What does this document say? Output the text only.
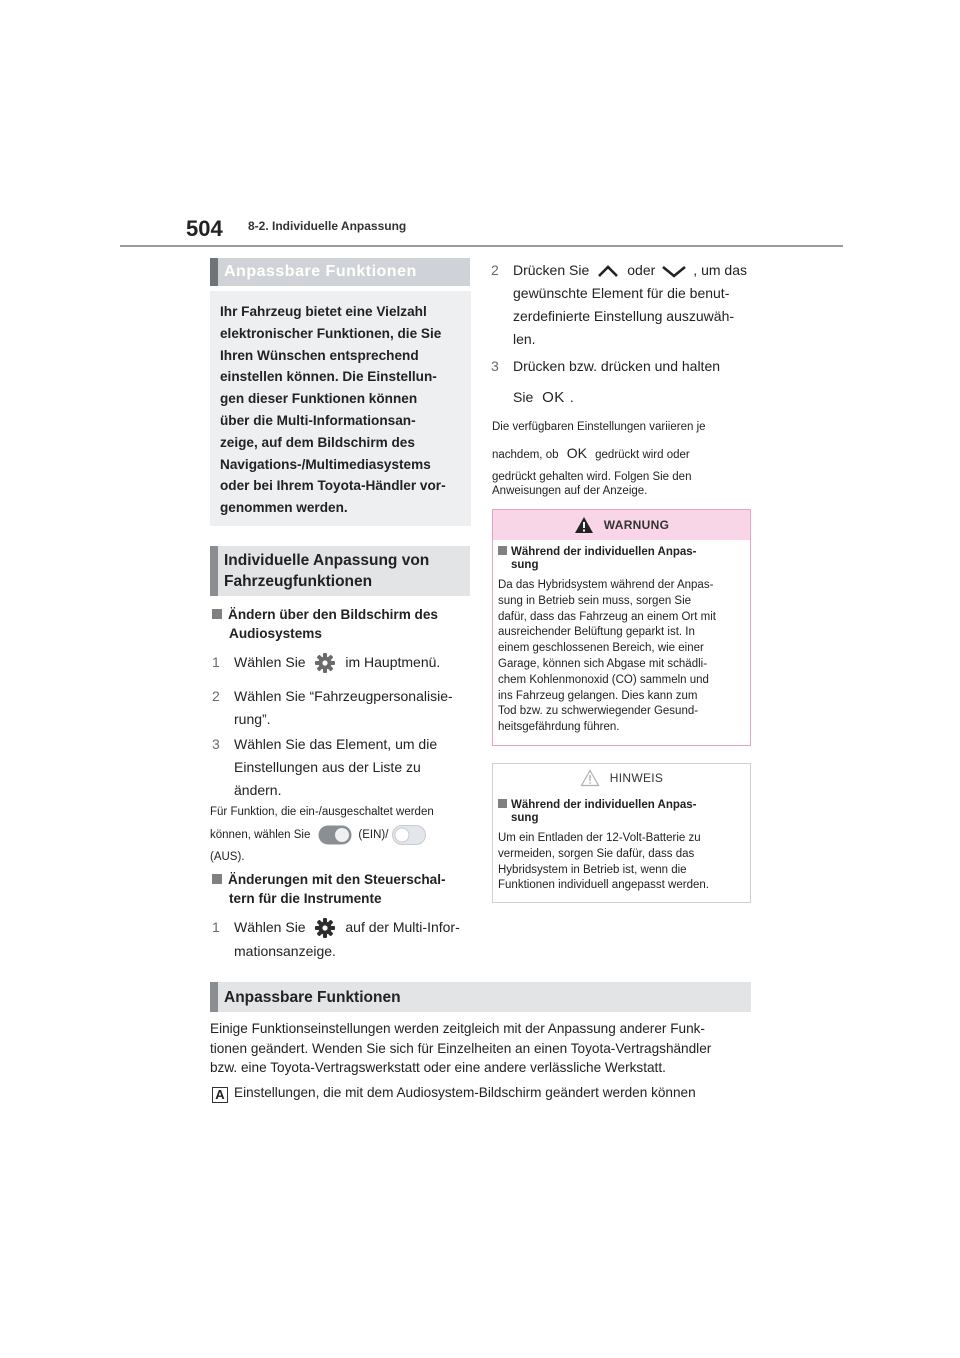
504 8-2. Individuelle Anpassung
Anpassbare Funktionen
Ihr Fahrzeug bietet eine Vielzahl
elektronischer Funktionen, die Sie
Ihren Wünschen entsprechend
einstellen können. Die Einstellun-
gen dieser Funktionen können
über die Multi-Informationsan-
zeige, auf dem Bildschirm des
Navigations-/Multimediasystems
oder bei Ihrem Toyota-Händler vor-
genommen werden.
Individuelle Anpassung von
Fahrzeugfunktionen
Ändern über den Bildschirm des
Audiosystems
1 Wählen Sie	im Hauptmenü.
2 Wählen Sie “Fahrzeugpersonalisie-
rung”.
3 Wählen Sie das Element, um die
Einstellungen aus der Liste zu
ändern.
Für Funktion, die ein-/ausgeschaltet werden
können, wählen Sie	(EIN)/
(AUS).
Änderungen mit den Steuerschal-
tern für die Instrumente
1 Wählen Sie	auf der Multi-Infor-
mationsanzeige.
2	Drücken Sie	oder	, um das
gewünschte Element für die benut-
zerdefinierte Einstellung auszuwäh-
len.
3 Drücken bzw. drücken und halten
Sie OK .
Die verfügbaren Einstellungen variieren je
nachdem, ob OK gedrückt wird oder
gedrückt gehalten wird. Folgen Sie den
Anweisungen auf der Anzeige.
WARNUNG
Während der individuellen Anpas-
sung
Da das Hybridsystem während der Anpas-
sung in Betrieb sein muss, sorgen Sie
dafür, dass das Fahrzeug an einem Ort mit
ausreichender Belüftung geparkt ist. In
einem geschlossenen Bereich, wie einer
Garage, können sich Abgase mit schädli-
chem Kohlenmonoxid (CO) sammeln und
ins Fahrzeug gelangen. Dies kann zum
Tod bzw. zu schwerwiegender Gesund-
heitsgefährdung führen.
HINWEIS
Während der individuellen Anpas-
sung
Um ein Entladen der 12-Volt-Batterie zu
vermeiden, sorgen Sie dafür, dass das
Hybridsystem in Betrieb ist, wenn die
Funktionen individuell angepasst werden.
Anpassbare Funktionen
Einige Funktionseinstellungen werden zeitgleich mit der Anpassung anderer Funk-
tionen geändert. Wenden Sie sich für Einzelheiten an einen Toyota-Vertragshändler
bzw. eine Toyota-Vertragswerkstatt oder eine andere verlässliche Werkstatt.
A Einstellungen, die mit dem Audiosystem-Bildschirm geändert werden können
